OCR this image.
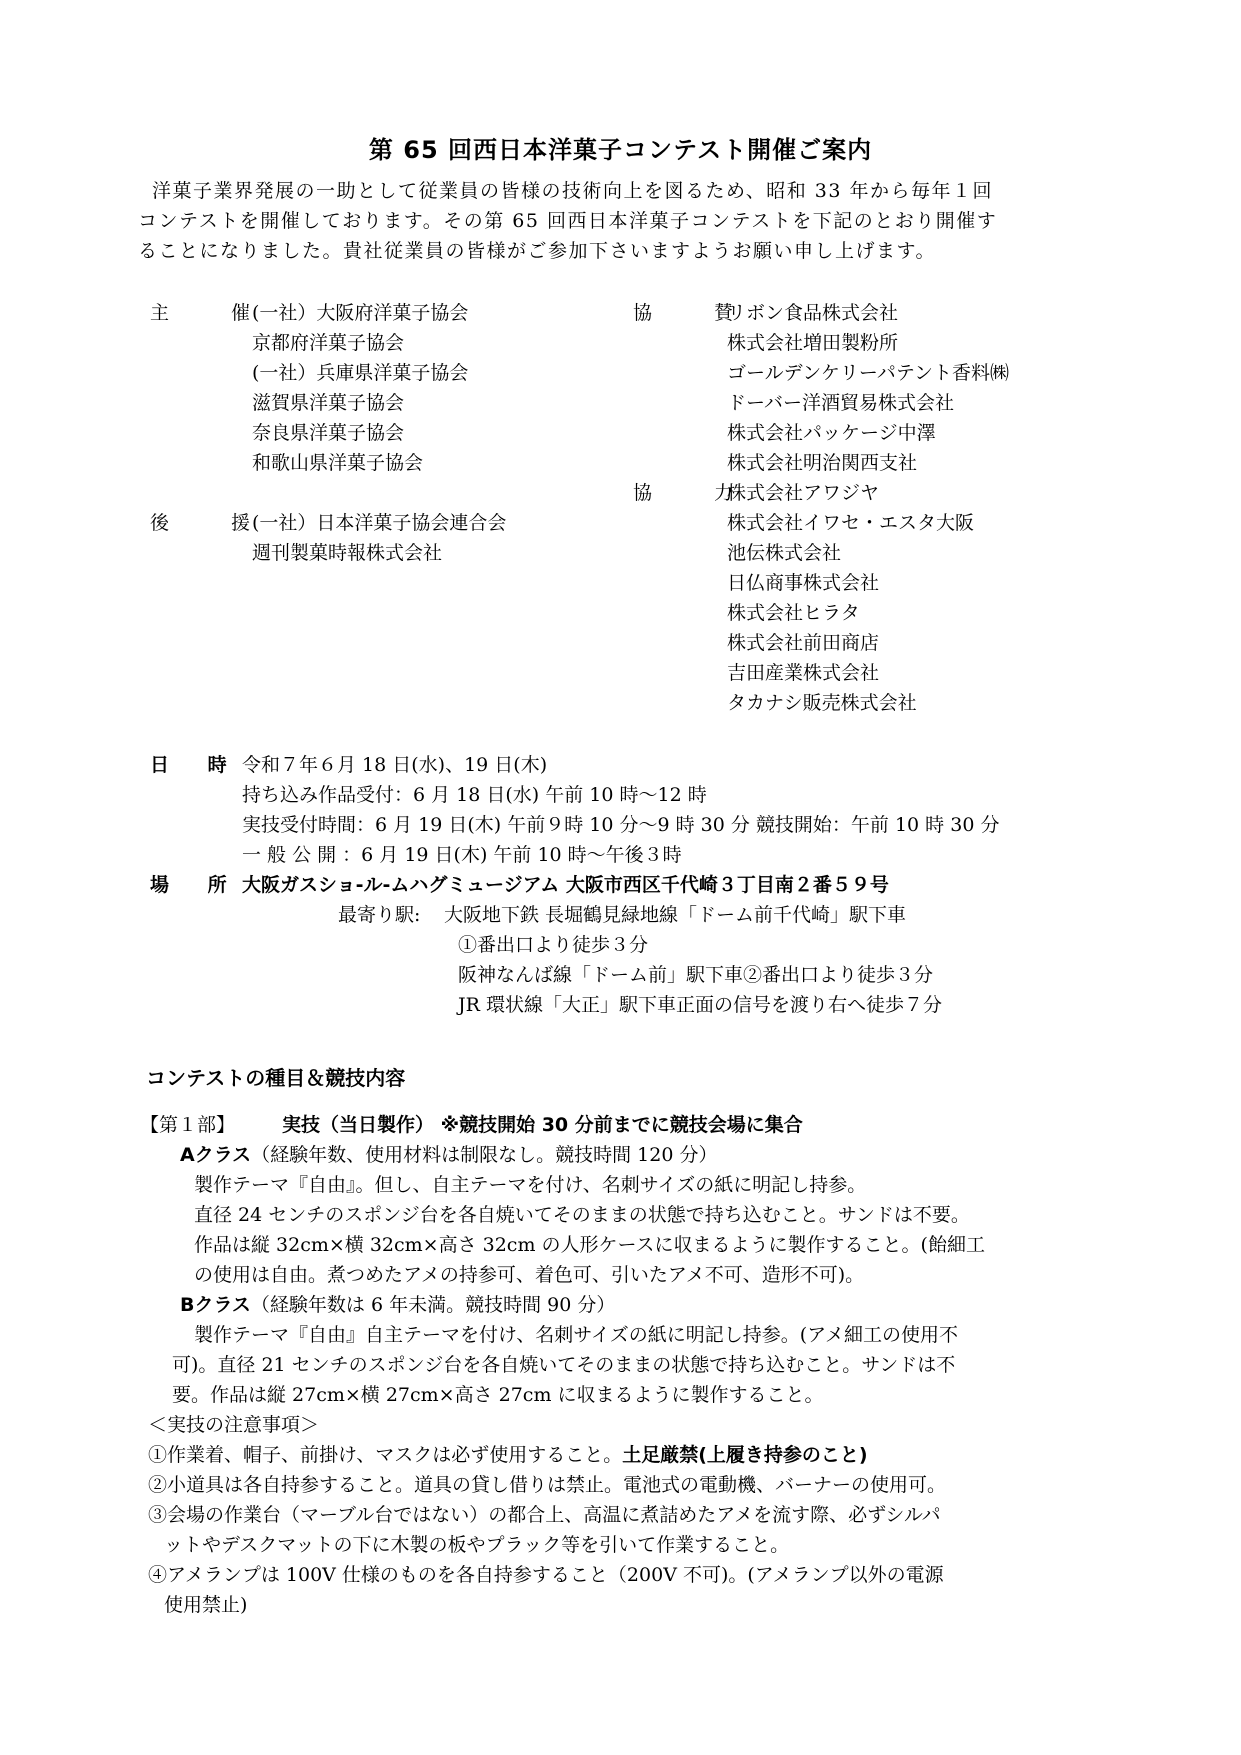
第 65 回西日本洋菓子コンテスト開催ご案内

洋菓子業界発展の一助として従業員の皆様の技術向上を図るため、昭和 33 年から毎年１回

コンテストを開催しております。その第 65 回西日本洋菓子コンテストを下記のとおり開催す

ることになりました。貴社従業員の皆様がご参加下さいますようお願い申し上げます。

主 催
(一社）大阪府洋菓子協会
京都府洋菓子協会
(一社）兵庫県洋菓子協会
滋賀県洋菓子協会
奈良県洋菓子協会
和歌山県洋菓子協会
後 援
(一社）日本洋菓子協会連合会
週刊製菓時報株式会社
協 賛
リボン食品株式会社
株式会社増田製粉所
ゴールデンケリーパテント香料㈱
ドーバー洋酒貿易株式会社
株式会社パッケージ中澤
株式会社明治関西支社
協 力
株式会社アワジヤ
株式会社イワセ・エスタ大阪
池伝株式会社
日仏商事株式会社
株式会社ヒラタ
株式会社前田商店
吉田産業株式会社
タカナシ販売株式会社
日 時 令和７年６月 18 日(水)、19 日(木)
持ち込み作品受付：6 月 18 日(水) 午前 10 時～12 時
実技受付時間：6 月 19 日(木) 午前９時 10 分～9 時 30 分 競技開始：午前 10 時 30 分
一 般 公 開 ：6 月 19 日(木) 午前 10 時～午後３時
場 所 大阪ガスショ-ル-ムハグミュージアム 大阪市西区千代崎３丁目南２番５９号
最寄り駅: 大阪地下鉄 長堀鶴見緑地線「ドーム前千代崎」駅下車
①番出口より徒歩３分
阪神なんば線「ドーム前」駅下車②番出口より徒歩３分
JR 環状線「大正」駅下車正面の信号を渡り右へ徒歩７分
コンテストの種目＆競技内容
【第１部】 実技（当日製作） ※競技開始 30 分前までに競技会場に集合
Aクラス（経験年数、使用材料は制限なし。競技時間 120 分）
製作テーマ『自由』。但し、自主テーマを付け、名刺サイズの紙に明記し持参。
直径 24 センチのスポンジ台を各自焼いてそのままの状態で持ち込むこと。サンドは不要。
作品は縦 32cm×横 32cm×高さ 32cm の人形ケースに収まるように製作すること。(飴細工
の使用は自由。煮つめたアメの持参可、着色可、引いたアメ不可、造形不可)。
Bクラス（経験年数は 6 年未満。競技時間 90 分）
製作テーマ『自由』自主テーマを付け、名刺サイズの紙に明記し持参。(アメ細工の使用不
可)。直径 21 センチのスポンジ台を各自焼いてそのままの状態で持ち込むこと。サンドは不
要。作品は縦 27cm×横 27cm×高さ 27cm に収まるように製作すること。
＜実技の注意事項＞
①作業着、帽子、前掛け、マスクは必ず使用すること。土足厳禁(上履き持参のこと)
②小道具は各自持参すること。道具の貸し借りは禁止。電池式の電動機、バーナーの使用可。
③会場の作業台（マーブル台ではない）の都合上、高温に煮詰めたアメを流す際、必ずシルパ
ットやデスクマットの下に木製の板やプラック等を引いて作業すること。
④アメランプは 100V 仕様のものを各自持参すること（200V 不可)。(アメランプ以外の電源
使用禁止)
